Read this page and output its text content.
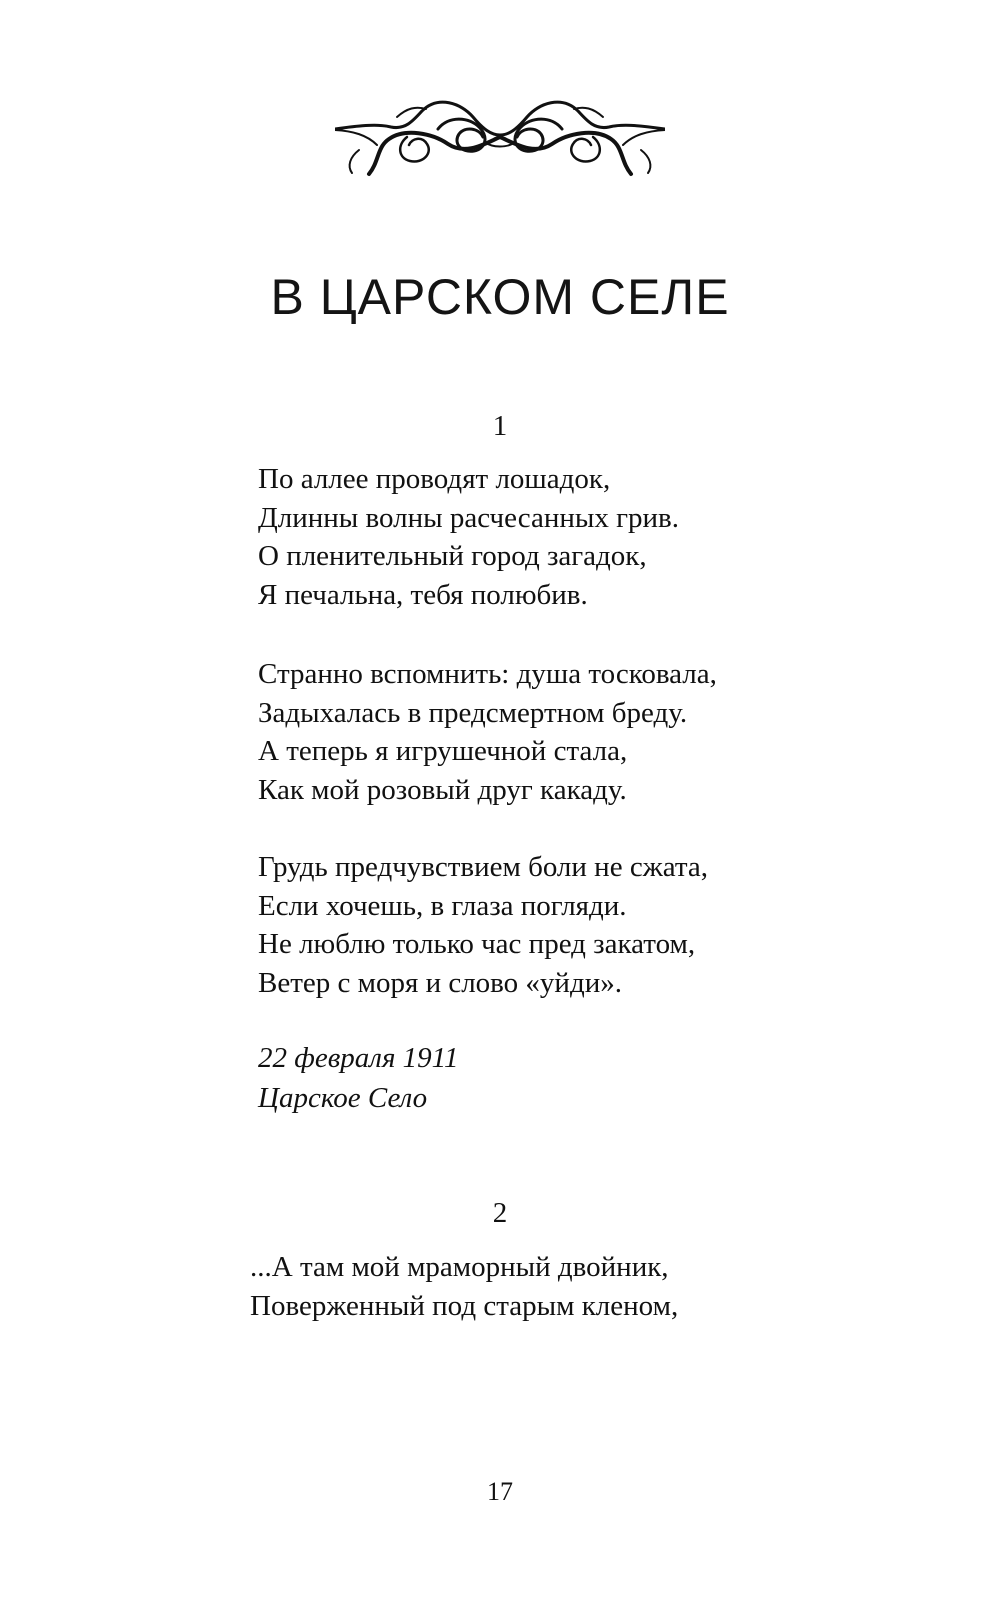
В ЦАРСКОМ СЕЛЕ
1
По аллее проводят лошадок,
Длинны волны расчесанных грив.
О пленительный город загадок,
Я печальна, тебя полюбив.
Странно вспомнить: душа тосковала,
Задыхалась в предсмертном бреду.
А теперь я игрушечной стала,
Как мой розовый друг какаду.
Грудь предчувствием боли не сжата,
Если хочешь, в глаза погляди.
Не люблю только час пред закатом,
Ветер с моря и слово «уйди».
22 февраля 1911
Царское Село
2
...А там мой мраморный двойник,
Поверженный под старым кленом,
17
